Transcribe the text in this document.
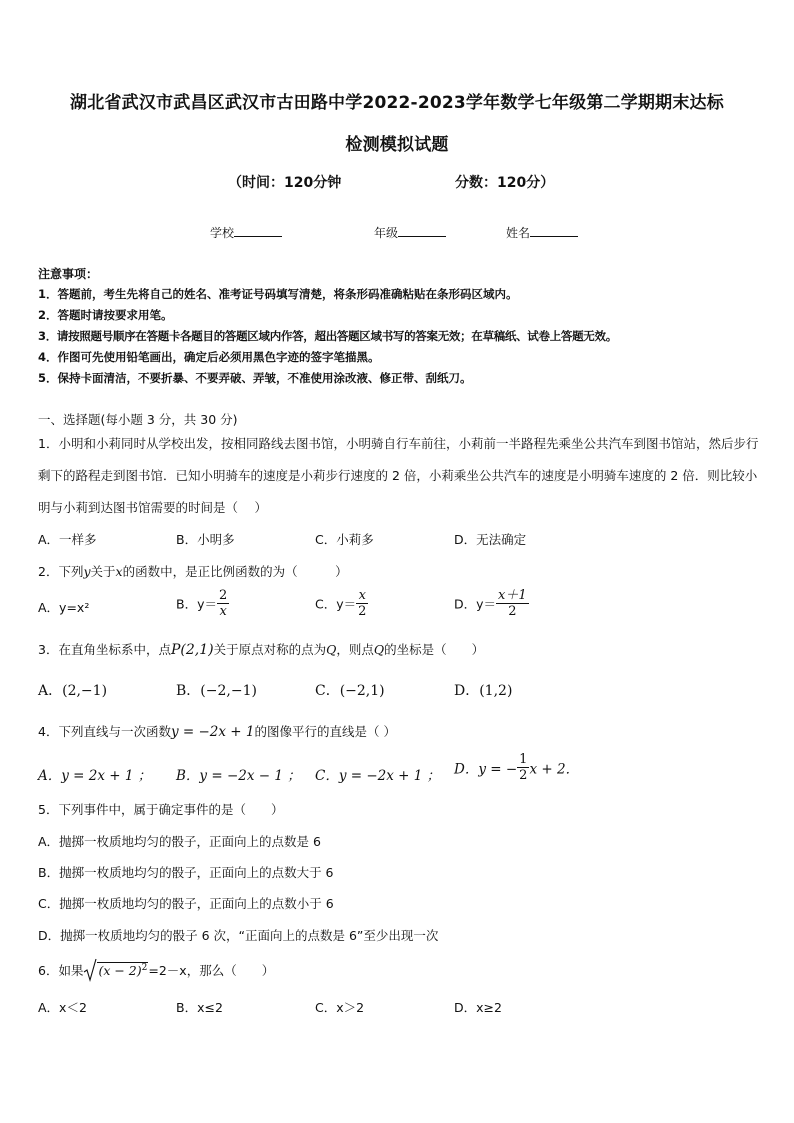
湖北省武汉市武昌区武汉市古田路中学2022-2023学年数学七年级第二学期期末达标
检测模拟试题
（时间：120分钟	分数：120分）
学校	年级	姓名
注意事项：
1．答题前，考生先将自己的姓名、准考证号码填写清楚，将条形码准确粘贴在条形码区域内。
2．答题时请按要求用笔。
3．请按照题号顺序在答题卡各题目的答题区域内作答，超出答题区域书写的答案无效；在草稿纸、试卷上答题无效。
4．作图可先使用铅笔画出，确定后必须用黑色字迹的签字笔描黑。
5．保持卡面清洁，不要折暴、不要弄破、弄皱，不准使用涂改液、修正带、刮纸刀。
一、选择题(每小题 3 分，共 30 分)
1．小明和小莉同时从学校出发，按相同路线去图书馆，小明骑自行车前往，小莉前一半路程先乘坐公共汽车到图书馆站，然后步行剩下的路程走到图书馆．已知小明骑车的速度是小莉步行速度的 2 倍，小莉乘坐公共汽车的速度是小明骑车速度的 2 倍．则比较小明与小莉到达图书馆需要的时间是（　 ）
A．一样多	B．小明多	C．小莉多	D．无法确定
2．下列y关于x的函数中，是正比例函数的为（　　　）
A．y=x²	B．$y= \frac{2}{x}$	C．$y= \frac{x}{2}$	D．$y= \frac{x+1}{2}$
3．在直角坐标系中，点P(2,1)关于原点对称的点为Q，则点Q的坐标是（　　）
A．(2,−1)	B．(−2,−1)	C．(−2,1)	D．(1,2)
4．下列直线与一次函数y = −2x + 1的图像平行的直线是（ ）
A．y = 2x + 1 ； B．y = −2x − 1 ； C．y = −2x + 1 ； D．y = − $\frac{1}{2}$ x + 2．
5．下列事件中，属于确定事件的是（　　）
A．抛掷一枚质地均匀的骰子，正面向上的点数是 6
B．抛掷一枚质地均匀的骰子，正面向上的点数大于 6
C．抛掷一枚质地均匀的骰子，正面向上的点数小于 6
D．抛掷一枚质地均匀的骰子 6 次，“正面向上的点数是 6”至少出现一次
6．如果 $(x - 2)^2=2-x$，那么（　　）
A．x＜2	B．x≤2	C．x＞2	D．x≥2
